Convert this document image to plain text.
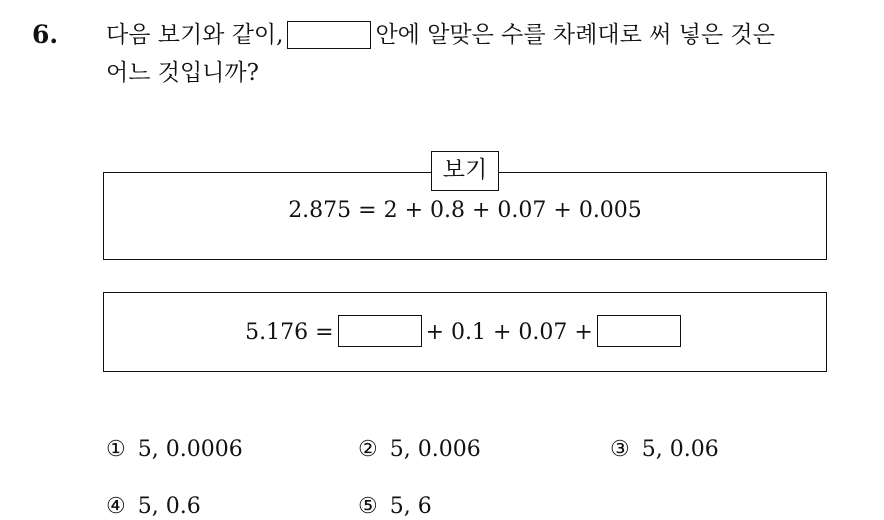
6. 다음 보기와 같이,	안에 알맞은 수를 차례대로 써 넣은 것은
어느 것입니까?
2.875 = 2 + 0.8 + 0.07 + 0.005
보기
5.176 =	+ 0.1 + 0.07 +
① 5, 0.0006	② 5, 0.006	③ 5, 0.06
④ 5, 0.6	⑤ 5, 6
